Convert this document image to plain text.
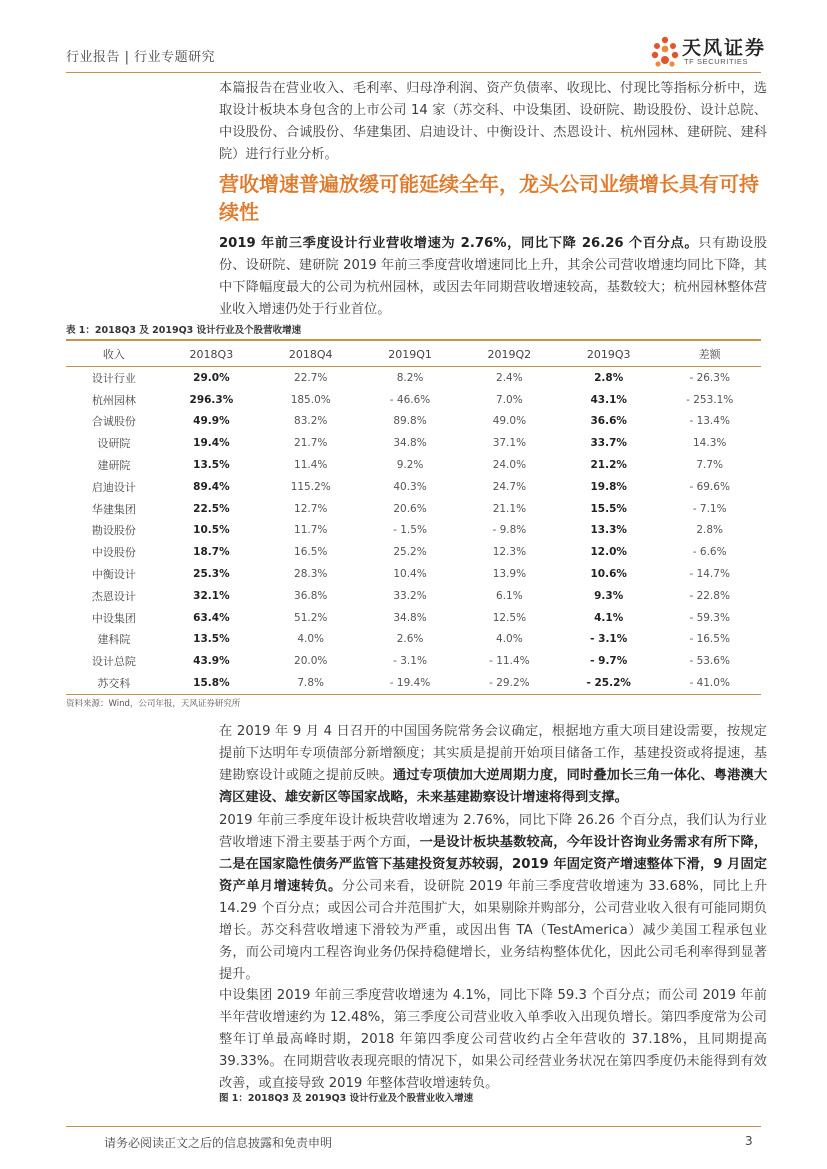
行业报告 | 行业专题研究	天风证券
TF SECURITIES
本篇报告在营业收入、毛利率、归母净利润、资产负债率、收现比、付现比等指标分析中，选取设计板块本身包含的上市公司 14 家（苏交科、中设集团、设研院、勘设股份、设计总院、中设股份、合诚股份、华建集团、启迪设计、中衡设计、杰恩设计、杭州园林、建研院、建科院）进行行业分析。
营收增速普遍放缓可能延续全年，龙头公司业绩增长具有可持续性
2019 年前三季度设计行业营收增速为 2.76%，同比下降 26.26 个百分点。只有勘设股份、设研院、建研院 2019 年前三季度营收增速同比上升，其余公司营收增速均同比下降，其中下降幅度最大的公司为杭州园林，或因去年同期营收增速较高，基数较大；杭州园林整体营业收入增速仍处于行业首位。
表 1：2018Q3 及 2019Q3 设计行业及个股营收增速
收入	2018Q3	2018Q4	2019Q1	2019Q2	2019Q3	差额
设计行业	29.0%	22.7%	8.2%	2.4%	2.8%	- 26.3%
杭州园林	296.3%	185.0%	- 46.6%	7.0%	43.1%	- 253.1%
合诚股份	49.9%	83.2%	89.8%	49.0%	36.6%	- 13.4%
设研院	19.4%	21.7%	34.8%	37.1%	33.7%	14.3%
建研院	13.5%	11.4%	9.2%	24.0%	21.2%	7.7%
启迪设计	89.4%	115.2%	40.3%	24.7%	19.8%	- 69.6%
华建集团	22.5%	12.7%	20.6%	21.1%	15.5%	- 7.1%
勘设股份	10.5%	11.7%	- 1.5%	- 9.8%	13.3%	2.8%
中设股份	18.7%	16.5%	25.2%	12.3%	12.0%	- 6.6%
中衡设计	25.3%	28.3%	10.4%	13.9%	10.6%	- 14.7%
杰恩设计	32.1%	36.8%	33.2%	6.1%	9.3%	- 22.8%
中设集团	63.4%	51.2%	34.8%	12.5%	4.1%	- 59.3%
建科院	13.5%	4.0%	2.6%	4.0%	- 3.1%	- 16.5%
设计总院	43.9%	20.0%	- 3.1%	- 11.4%	- 9.7%	- 53.6%
苏交科	15.8%	7.8%	- 19.4%	- 29.2%	- 25.2%	- 41.0%
资料来源：Wind，公司年报，天风证券研究所
在 2019 年 9 月 4 日召开的中国国务院常务会议确定，根据地方重大项目建设需要，按规定提前下达明年专项债部分新增额度；其实质是提前开始项目储备工作，基建投资或将提速，基建勘察设计或随之提前反映。通过专项债加大逆周期力度，同时叠加长三角一体化、粤港澳大湾区建设、雄安新区等国家战略，未来基建勘察设计增速将得到支撑。
2019 年前三季度年设计板块营收增速为 2.76%，同比下降 26.26 个百分点，我们认为行业营收增速下滑主要基于两个方面，一是设计板块基数较高，今年设计咨询业务需求有所下降，二是在国家隐性债务严监管下基建投资复苏较弱，2019 年固定资产增速整体下滑，9 月固定资产单月增速转负。分公司来看，设研院 2019 年前三季度营收增速为 33.68%，同比上升 14.29 个百分点；或因公司合并范围扩大，如果剔除并购部分，公司营业收入很有可能同期负增长。苏交科营收增速下滑较为严重，或因出售 TA（TestAmerica）减少美国工程承包业务，而公司境内工程咨询业务仍保持稳健增长，业务结构整体优化，因此公司毛利率得到显著提升。
中设集团 2019 年前三季度营收增速为 4.1%，同比下降 59.3 个百分点；而公司 2019 年前半年营收增速约为 12.48%，第三季度公司营业收入单季收入出现负增长。第四季度常为公司整年订单最高峰时期，2018 年第四季度公司营收约占全年营收的 37.18%，且同期提高 39.33%。在同期营收表现亮眼的情况下，如果公司经营业务状况在第四季度仍未能得到有效改善，或直接导致 2019 年整体营收增速转负。
图 1：2018Q3 及 2019Q3 设计行业及个股营业收入增速
请务必阅读正文之后的信息披露和免责申明	3
